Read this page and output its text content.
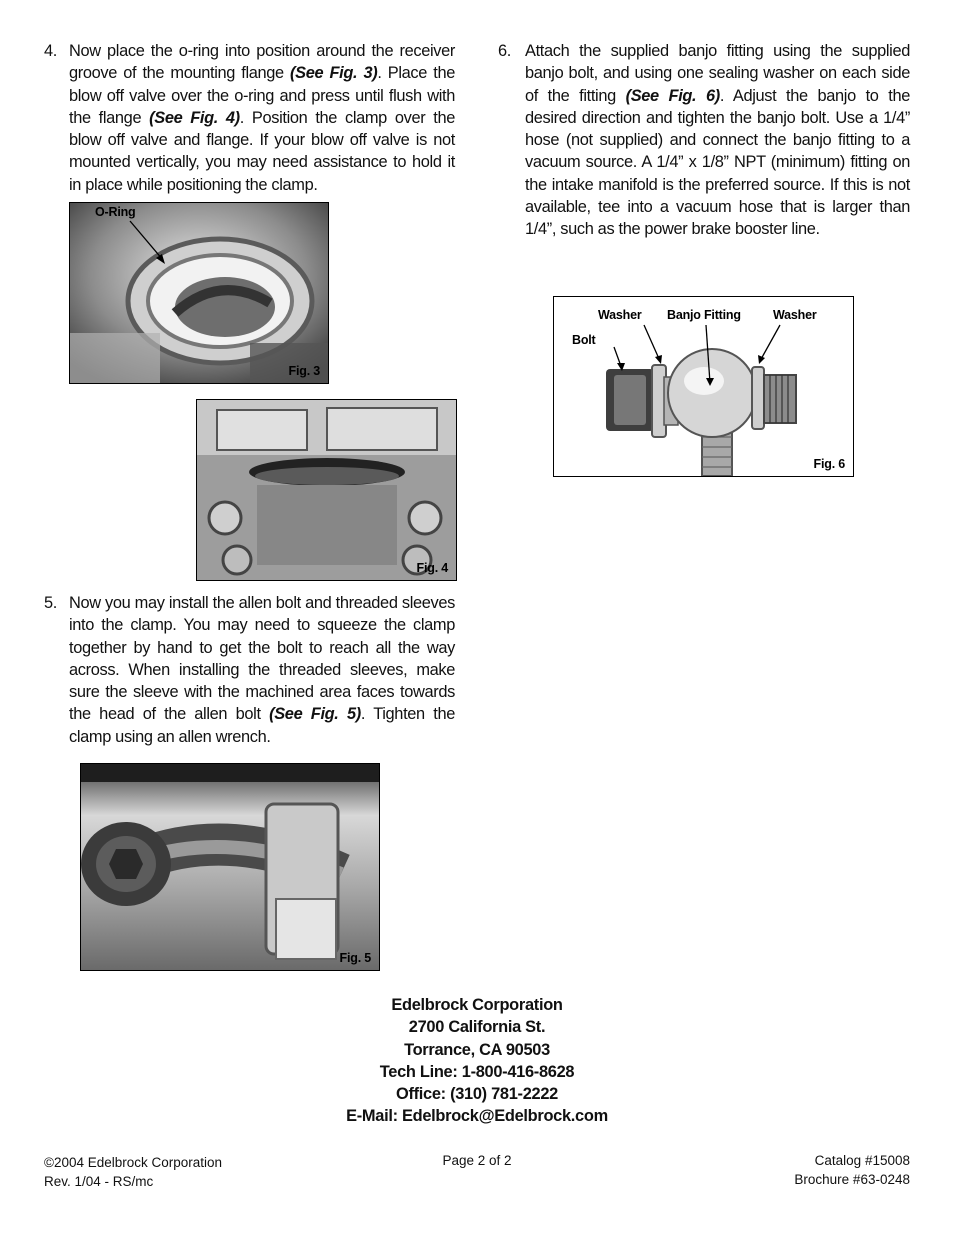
4. Now place the o-ring into position around the receiver groove of the mounting flange (See Fig. 3). Place the blow off valve over the o-ring and press until flush with the flange (See Fig. 4). Position the clamp over the blow off valve and flange. If your blow off valve is not mounted vertically, you may need assistance to hold it in place while positioning the clamp.
O-Ring
Fig. 3
Fig. 4
5. Now you may install the allen bolt and threaded sleeves into the clamp. You may need to squeeze the clamp together by hand to get the bolt to reach all the way across. When installing the threaded sleeves, make sure the sleeve with the machined area faces towards the head of the allen bolt (See Fig. 5). Tighten the clamp using an allen wrench.
Fig. 5
6. Attach the supplied banjo fitting using the supplied banjo bolt, and using one sealing washer on each side of the fitting (See Fig. 6). Adjust the banjo to the desired direction and tighten the banjo bolt. Use a 1/4” hose (not supplied) and connect the banjo fitting to a vacuum source. A 1/4” x 1/8” NPT (minimum) fitting on the intake manifold is the preferred source. If this is not available, tee into a vacuum hose that is larger than 1/4”, such as the power brake booster line.
Bolt
Washer Banjo Fitting	Washer
Fig. 6
Edelbrock Corporation
2700 California St.
Torrance, CA 90503
Tech Line: 1-800-416-8628
Office: (310) 781-2222
E-Mail: Edelbrock@Edelbrock.com
©2004 Edelbrock Corporation
Rev. 1/04 - RS/mc
Page 2 of 2	Catalog #15008
Brochure #63-0248
